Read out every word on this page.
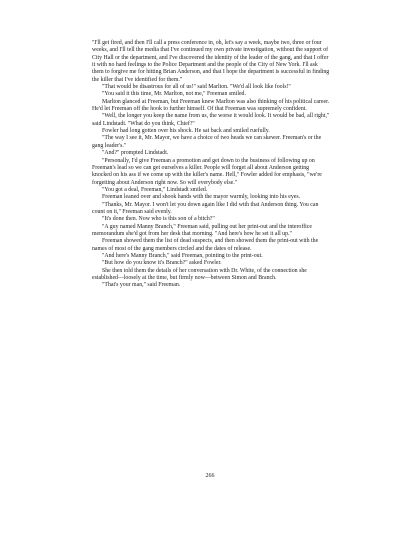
"I'll get fired, and then I'll call a press conference in, oh, let's say a week, maybe two, three or four weeks, and I'll tell the media that I've continued my own private investigation, without the support of City Hall or the department, and I've discovered the identity of the leader of the gang, and that I offer it with no hard feelings to the Police Department and the people of the City of New York. I'll ask them to forgive me for hitting Brian Anderson, and that I hope the department is successful in finding the killer that I've identified for them."

"That would be disastrous for all of us!" said Marlton. "We'd all look like fools!"

"You said it this time, Mr. Marlton, not me," Freeman smiled.

Marlton glanced at Freeman, but Freeman knew Marlton was also thinking of his political career. He'd let Freeman off the hook to further himself. Of that Freeman was supremely confident.

"Well, the longer you keep the name from us, the worse it would look. It would be bad, all right," said Lindstadt. "What do you think, Chief?"

Fowler had long gotten over his shock. He sat back and smiled ruefully.

"The way I see it, Mr. Mayor, we have a choice of two heads we can skewer. Freeman's or the gang leader's."

"And?" prompted Lindstadt.

"Personally, I'd give Freeman a promotion and get down to the business of following up on Freeman's lead so we can get ourselves a killer. People will forget all about Anderson getting knocked on his ass if we come up with the killer's name. Hell," Fowler added for emphasis, "we're forgetting about Anderson right now. So will everybody else."

"You got a deal, Freeman," Lindstadt smiled.

Freeman leaned over and shook hands with the mayor warmly, looking into his eyes.

"Thanks, Mr. Mayor. I won't let you down again like I did with that Anderson thing. You can count on it," Freeman said evenly.

"It's done then. Now who is this son of a bitch?"

"A guy named Manny Branch," Freeman said, pulling out her print-out and the interoffice memorandum she'd got from her desk that morning. "And here's how he set it all up."

Freeman showed them the list of dead suspects, and then showed them the print-out with the names of most of the gang members circled and the dates of release.

"And here's Manny Branch," said Freeman, pointing to the print-out.

"But how do you know it's Branch?" asked Fowler.

She then told them the details of her conversation with Dr. White, of the connection she established—loosely at the time, but firmly now—between Simon and Branch.

"That's your man," said Freeman.

266
